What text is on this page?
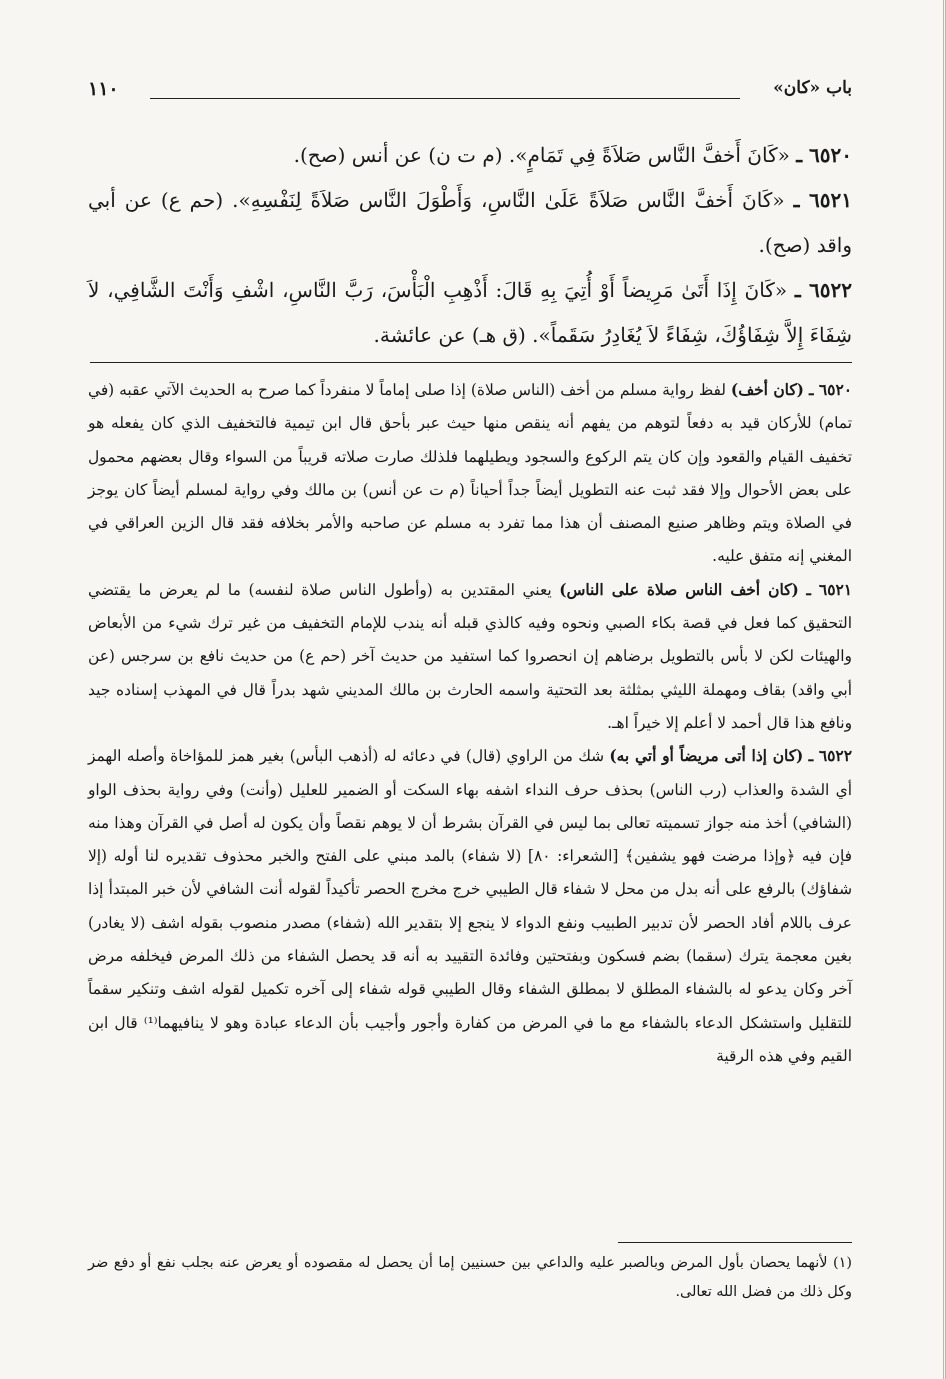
باب «كان»
١١٠

٦٥٢٠ ـ «كَانَ أَخفَّ النَّاس صَلاَةً فِي تَمَامٍ». (م ت ن) عن أنس (صح).

٦٥٢١ ـ «كَانَ أَخفَّ النَّاس صَلاَةً عَلَىٰ النَّاسِ، وَأَطْوَلَ النَّاس صَلاَةً لِنَفْسِهِ». (حم ع) عن أبي واقد (صح).

٦٥٢٢ ـ «كَانَ إِذَا أَتَىٰ مَرِيضاً أَوْ أُتِيَ بِهِ قَالَ: أَذْهِبِ الْبَأْسَ، رَبَّ النَّاسِ، اشْفِ وَأَنْتَ الشَّافِي، لاَ شِفَاءَ إِلاَّ شِفَاؤُكَ، شِفَاءً لاَ يُغَادِرُ سَقَماً». (ق هـ) عن عائشة.

٦٥٢٠ ـ (كان أخف) لفظ رواية مسلم من أخف (الناس صلاة) إذا صلى إماماً لا منفرداً كما صرح به الحديث الآتي عقبه (في تمام) للأركان قيد به دفعاً لتوهم من يفهم أنه ينقص منها حيث عبر بأحق قال ابن تيمية فالتخفيف الذي كان يفعله هو تخفيف القيام والقعود وإن كان يتم الركوع والسجود ويطيلهما فلذلك صارت صلاته قريباً من السواء وقال بعضهم محمول على بعض الأحوال وإلا فقد ثبت عنه التطويل أيضاً جداً أحياناً (م ت عن أنس) بن مالك وفي رواية لمسلم أيضاً كان يوجز في الصلاة ويتم وظاهر صنيع المصنف أن هذا مما تفرد به مسلم عن صاحبه والأمر بخلافه فقد قال الزين العراقي في المغني إنه متفق عليه.

٦٥٢١ ـ (كان أخف الناس صلاة على الناس) يعني المقتدين به (وأطول الناس صلاة لنفسه) ما لم يعرض ما يقتضي التحقيق كما فعل في قصة بكاء الصبي ونحوه وفيه كالذي قبله أنه يندب للإمام التخفيف من غير ترك شيء من الأبعاض والهيئات لكن لا بأس بالتطويل برضاهم إن انحصروا كما استفيد من حديث آخر (حم ع) من حديث نافع بن سرجس (عن أبي واقد) بقاف ومهملة الليثي بمثلثة بعد التحتية واسمه الحارث بن مالك المديني شهد بدراً قال في المهذب إسناده جيد ونافع هذا قال أحمد لا أعلم إلا خيراً اهـ.

٦٥٢٢ ـ (كان إذا أتى مريضاً أو أتي به) شك من الراوي (قال) في دعائه له (أذهب البأس) بغير همز للمؤاخاة وأصله الهمز أي الشدة والعذاب (رب الناس) بحذف حرف النداء اشفه بهاء السكت أو الضمير للعليل (وأنت) وفي رواية بحذف الواو (الشافي) أخذ منه جواز تسميته تعالى بما ليس في القرآن بشرط أن لا يوهم نقصاً وأن يكون له أصل في القرآن وهذا منه فإن فيه ﴿وإذا مرضت فهو يشفين﴾ [الشعراء: ٨٠] (لا شفاء) بالمد مبني على الفتح والخبر محذوف تقديره لنا أوله (إلا شفاؤك) بالرفع على أنه بدل من محل لا شفاء قال الطيبي خرج مخرج الحصر تأكيداً لقوله أنت الشافي لأن خبر المبتدأ إذا عرف باللام أفاد الحصر لأن تدبير الطبيب ونفع الدواء لا ينجع إلا بتقدير الله (شفاء) مصدر منصوب بقوله اشف (لا يغادر) بغين معجمة يترك (سقما) بضم فسكون وبفتحتين وفائدة التقييد به أنه قد يحصل الشفاء من ذلك المرض فيخلفه مرض آخر وكان يدعو له بالشفاء المطلق لا بمطلق الشفاء وقال الطيبي قوله شفاء إلى آخره تكميل لقوله اشف وتنكير سقماً للتقليل واستشكل الدعاء بالشفاء مع ما في المرض من كفارة وأجور وأجيب بأن الدعاء عبادة وهو لا ينافيهما⁽¹⁾ قال ابن القيم وفي هذه الرقية

(١) لأنهما يحصان بأول المرض وبالصبر عليه والداعي بين حسنيين إما أن يحصل له مقصوده أو يعرض عنه بجلب نفع أو دفع ضر وكل ذلك من فضل الله تعالى.
